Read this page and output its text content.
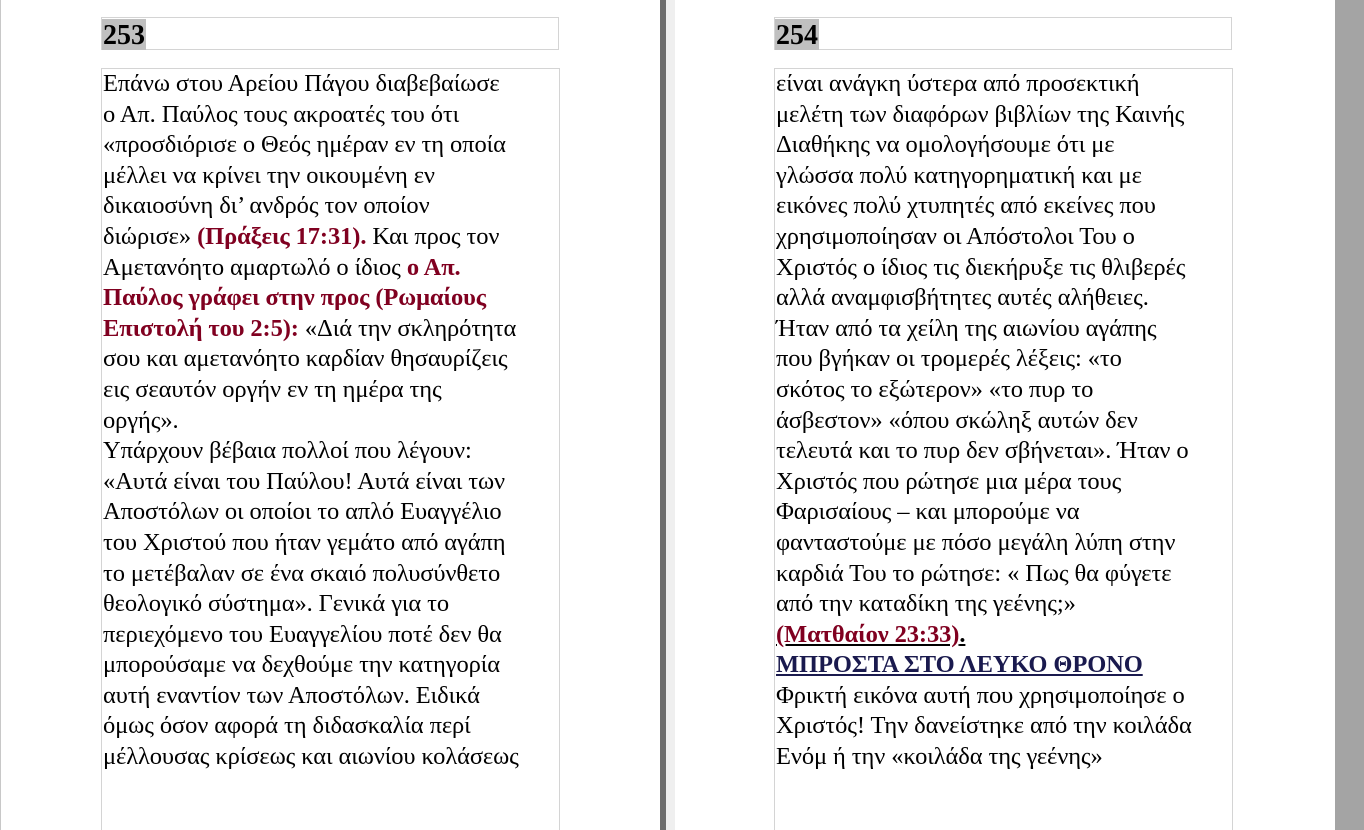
253

Επάνω στου Αρείου Πάγου διαβεβαίωσε
ο Απ. Παύλος τους ακροατές του ότι
«προσδιόρισε ο Θεός ημέραν εν τη οποία
μέλλει να κρίνει την οικουμένη εν
δικαιοσύνη δι’ ανδρός τον οποίον
διώρισε» (Πράξεις 17:31). Και προς τον
Αμετανόητο αμαρτωλό ο ίδιος ο Απ.
Παύλος γράφει στην προς (Ρωμαίους
Επιστολή του 2:5): «Διά την σκληρότητα
σου και αμετανόητο καρδίαν θησαυρίζεις
εις σεαυτόν οργήν εν τη ημέρα της
οργής».

Υπάρχουν βέβαια πολλοί που λέγουν:
«Αυτά είναι του Παύλου! Αυτά είναι των
Αποστόλων οι οποίοι το απλό Ευαγγέλιο
του Χριστού που ήταν γεμάτο από αγάπη
το μετέβαλαν σε ένα σκαιό πολυσύνθετο
θεολογικό σύστημα». Γενικά για το
περιεχόμενο του Ευαγγελίου ποτέ δεν θα
μπορούσαμε να δεχθούμε την κατηγορία
αυτή εναντίον των Αποστόλων. Ειδικά
όμως όσον αφορά τη διδασκαλία περί
μέλλουσας κρίσεως και αιωνίου κολάσεως

254

είναι ανάγκη ύστερα από προσεκτική
μελέτη των διαφόρων βιβλίων της Καινής
Διαθήκης να ομολογήσουμε ότι με
γλώσσα πολύ κατηγορηματική και με
εικόνες πολύ χτυπητές από εκείνες που
χρησιμοποίησαν οι Απόστολοι Του ο
Χριστός ο ίδιος τις διεκήρυξε τις θλιβερές
αλλά αναμφισβήτητες αυτές αλήθειες.
Ήταν από τα χείλη της αιωνίου αγάπης
που βγήκαν οι τρομερές λέξεις: «το
σκότος το εξώτερον» «το πυρ το
άσβεστον» «όπου σκώληξ αυτών δεν
τελευτά και το πυρ δεν σβήνεται». Ήταν ο
Χριστός που ρώτησε μια μέρα τους
Φαρισαίους – και μπορούμε να
φανταστούμε με πόσο μεγάλη λύπη στην
καρδιά Του το ρώτησε: « Πως θα φύγετε
από την καταδίκη της γεένης;»
(Ματθαίον 23:33).

ΜΠΡΟΣΤΑ ΣΤΟ ΛΕΥΚΟ ΘΡΟΝΟ

Φρικτή εικόνα αυτή που χρησιμοποίησε ο
Χριστός! Την δανείστηκε από την κοιλάδα
Ενόμ ή την «κοιλάδα της γεένης»
